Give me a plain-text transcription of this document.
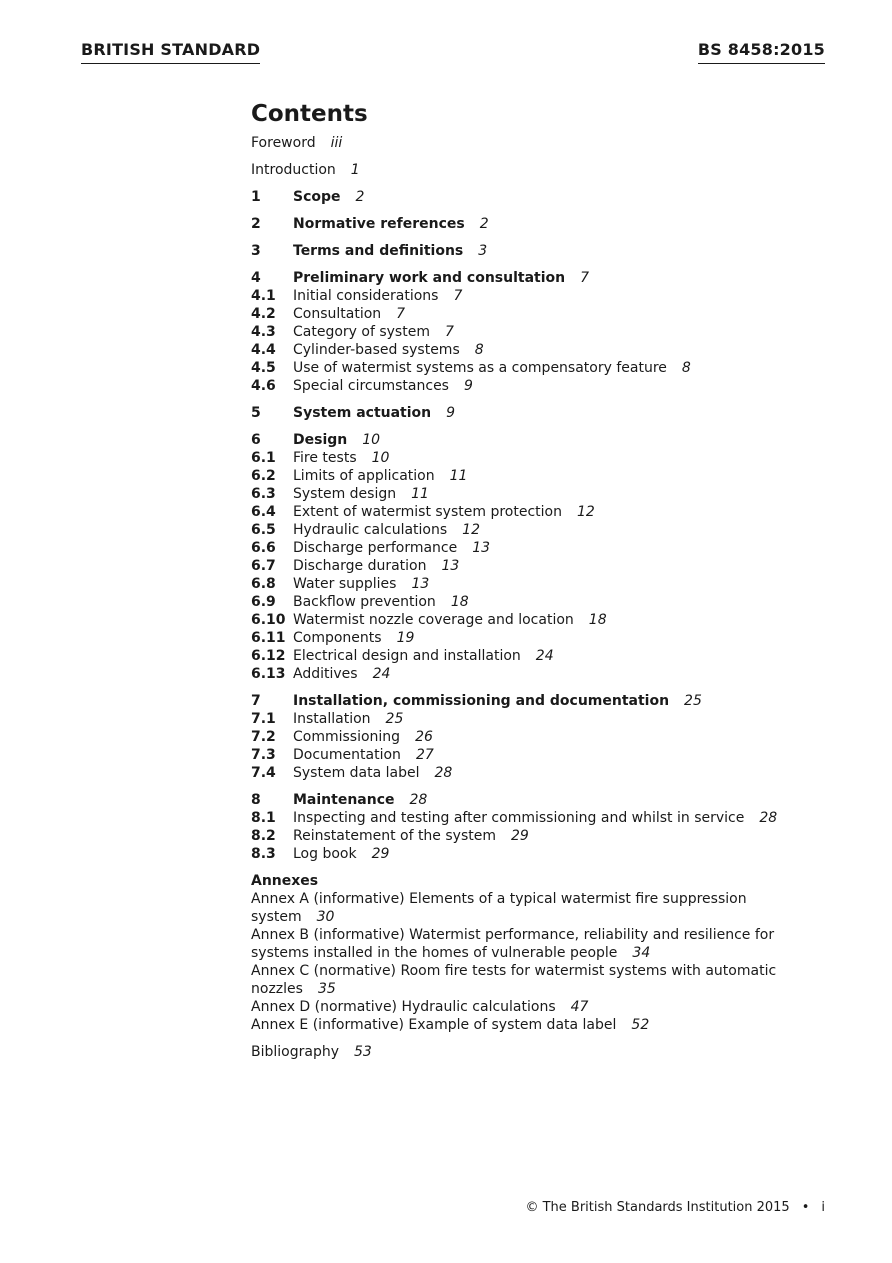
BRITISH STANDARD	BS 8458:2015
Contents
Foreword iii
Introduction 1
1	Scope 2
2	Normative references 2
3	Terms and definitions 3
4	Preliminary work and consultation 7
4.1	Initial considerations 7
4.2	Consultation 7
4.3	Category of system 7
4.4	Cylinder-based systems 8
4.5	Use of watermist systems as a compensatory feature 8
4.6	Special circumstances 9
5	System actuation 9
6	Design 10
6.1	Fire tests 10
6.2	Limits of application 11
6.3	System design 11
6.4	Extent of watermist system protection 12
6.5	Hydraulic calculations 12
6.6	Discharge performance 13
6.7	Discharge duration 13
6.8	Water supplies 13
6.9	Backflow prevention 18
6.10 Watermist nozzle coverage and location 18
6.11 Components 19
6.12 Electrical design and installation 24
6.13 Additives 24
7	Installation, commissioning and documentation 25
7.1	Installation 25
7.2	Commissioning 26
7.3	Documentation 27
7.4	System data label 28
8	Maintenance 28
8.1	Inspecting and testing after commissioning and whilst in service 28
8.2	Reinstatement of the system 29
8.3	Log book 29
Annexes
Annex A (informative) Elements of a typical watermist fire suppression system 30
Annex B (informative) Watermist performance, reliability and resilience for systems installed in the homes of vulnerable people 34
Annex C (normative) Room fire tests for watermist systems with automatic nozzles 35
Annex D (normative) Hydraulic calculations 47
Annex E (informative) Example of system data label 52
Bibliography 53
© The British Standards Institution 2015 • i
